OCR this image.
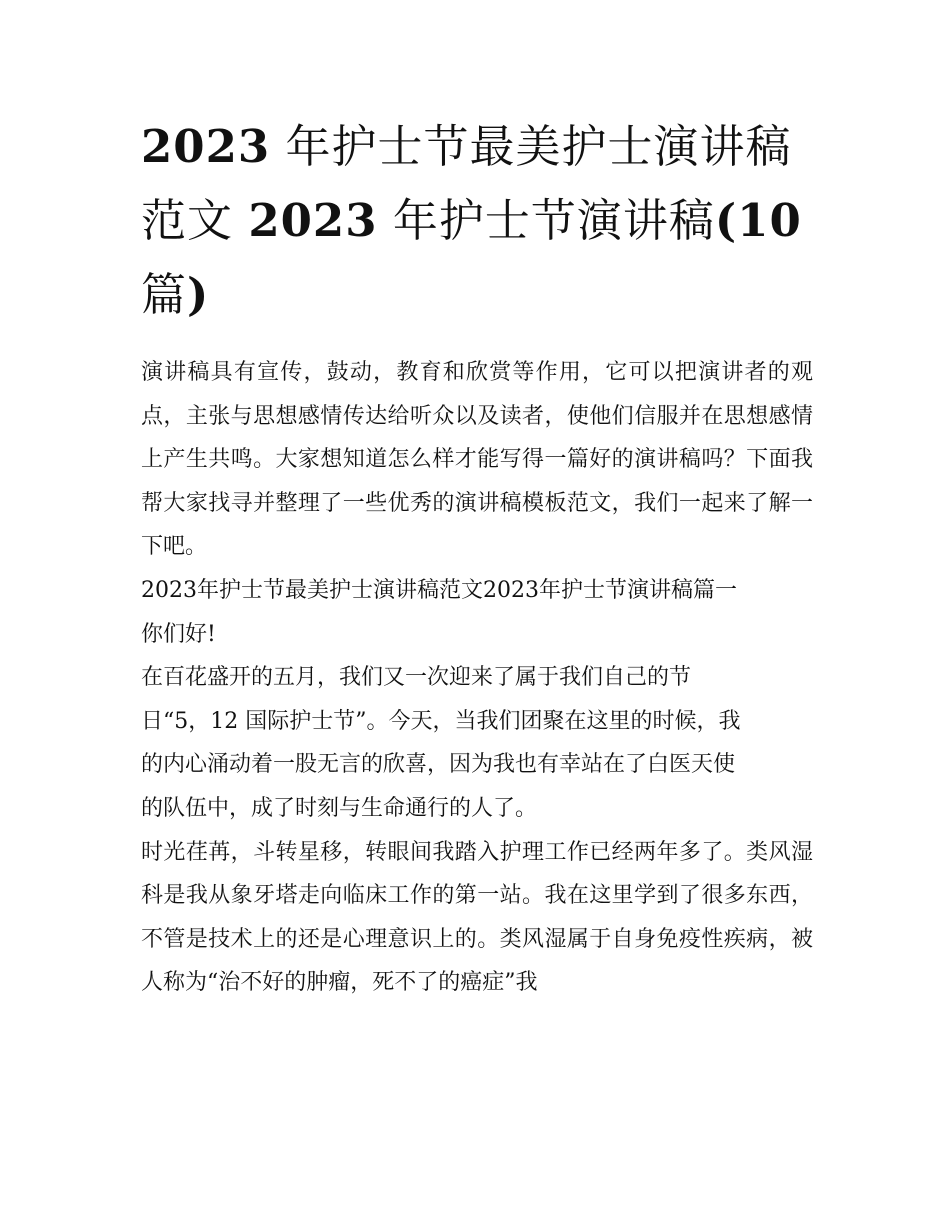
2023 年护士节最美护士演讲稿
范文 2023 年护士节演讲稿(10
篇)

演讲稿具有宣传，鼓动，教育和欣赏等作用，它可以把演讲者的观点，主张与思想感情传达给听众以及读者，使他们信服并在思想感情上产生共鸣。大家想知道怎么样才能写得一篇好的演讲稿吗？下面我帮大家找寻并整理了一些优秀的演讲稿模板范文，我们一起来了解一下吧。

2023年护士节最美护士演讲稿范文2023年护士节演讲稿篇一

你们好!

在百花盛开的五月，我们又一次迎来了属于我们自己的节
日“5，12 国际护士节”。今天，当我们团聚在这里的时候，我
的内心涌动着一股无言的欣喜，因为我也有幸站在了白医天使
的队伍中，成了时刻与生命通行的人了。

时光荏苒，斗转星移，转眼间我踏入护理工作已经两年多了。类风湿科是我从象牙塔走向临床工作的第一站。我在这里学到了很多东西，不管是技术上的还是心理意识上的。类风湿属于自身免疫性疾病，被人称为“治不好的肿瘤，死不了的癌症”我
